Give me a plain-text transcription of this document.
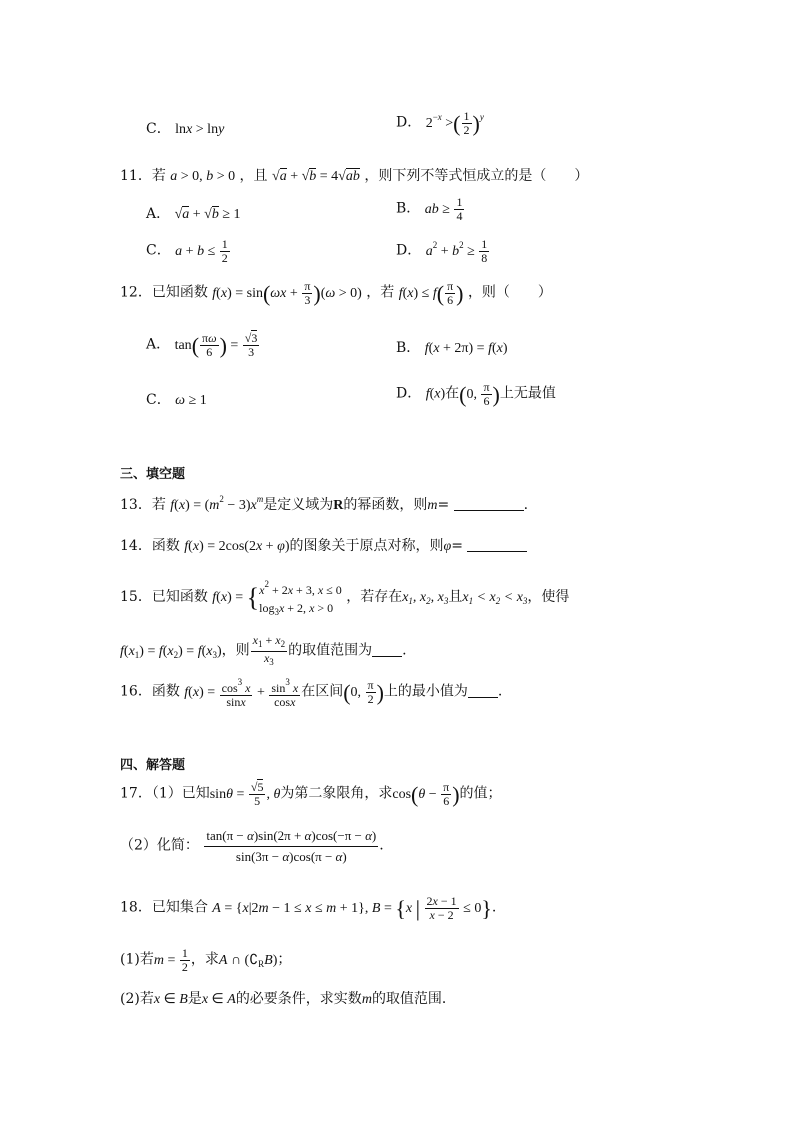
C． lnx > lny	D． $2^{-x}$ >( $\frac{1}{2} )^y$
11．若 a > 0, b > 0 ，且 √a + √b = 4√ab ，则下列不等式恒成立的是（　　）
A． √a + √b ≥ 1	B． ab ≥ $\frac{1}{4}$
C． $a + b \le \frac{1}{2}$	D． $a^2 + b^2 \ge \frac{1}{8}$
12．已知函数 $f(x) = \sin(\omega x + \frac{\pi}{3} )(\omega > 0)$ ，若 $f(x) \le f( \frac{\pi}{6}$ ) ，则（　　）
A． $\tan( \frac{\pi\omega}{6}$ ) = $\frac{√3}{3}$	B． f(x + 2π) = f(x)
C． ω ≥ 1	D． f(x)在(0, $\frac{\pi}{6}$ )上无最值
三、填空题
13．若 $f(x) = (m^2 - 3)x^m$是定义域为R的幂函数，则m=	.
14．函数 f(x) = 2cos(2x + φ)的图象关于原点对称，则φ=
15．已知函数 f(x) = { $x^2 + 2x + 3$, x ≤ 0
$\log_3x + 2$, x > 0
，若存在$x_1$, $x_2$, $x_3$且$x_1 < x_2 < x_3$，使得
$f(x_1) = f(x_2) = f(x_3)$，则 $\frac{x_1 + x_2}{x_3}$ 的取值范围为 .
16．函数 $f(x) = \frac{\cos^3 x}{\sin x} + \frac{\sin^3 x}{\cos x}$ 在区间(0, $\frac{\pi}{2}$ )上的最小值为 .
四、解答题
17．（1）已知$\sin\theta = \frac{√5}{5}$ , θ为第二象限角，求$\cos(\theta - \frac{\pi}{6}$ )的值；
（2）化简： $\frac{\tan(\pi - \alpha)\sin(2\pi + \alpha)\cos(-\pi - \alpha)}{\sin(3\pi - \alpha)\cos(\pi - \alpha)}$ .
18．已知集合 A = {x|2m − 1 ≤ x ≤ m + 1}, B = {x | $\frac{2x - 1}{x - 2} \le 0$}.
(1)若$m = \frac{1}{2}$ ，求A ∩ $(∁_RB)$；
(2)若x ∈ B是x ∈ A的必要条件，求实数m的取值范围．
